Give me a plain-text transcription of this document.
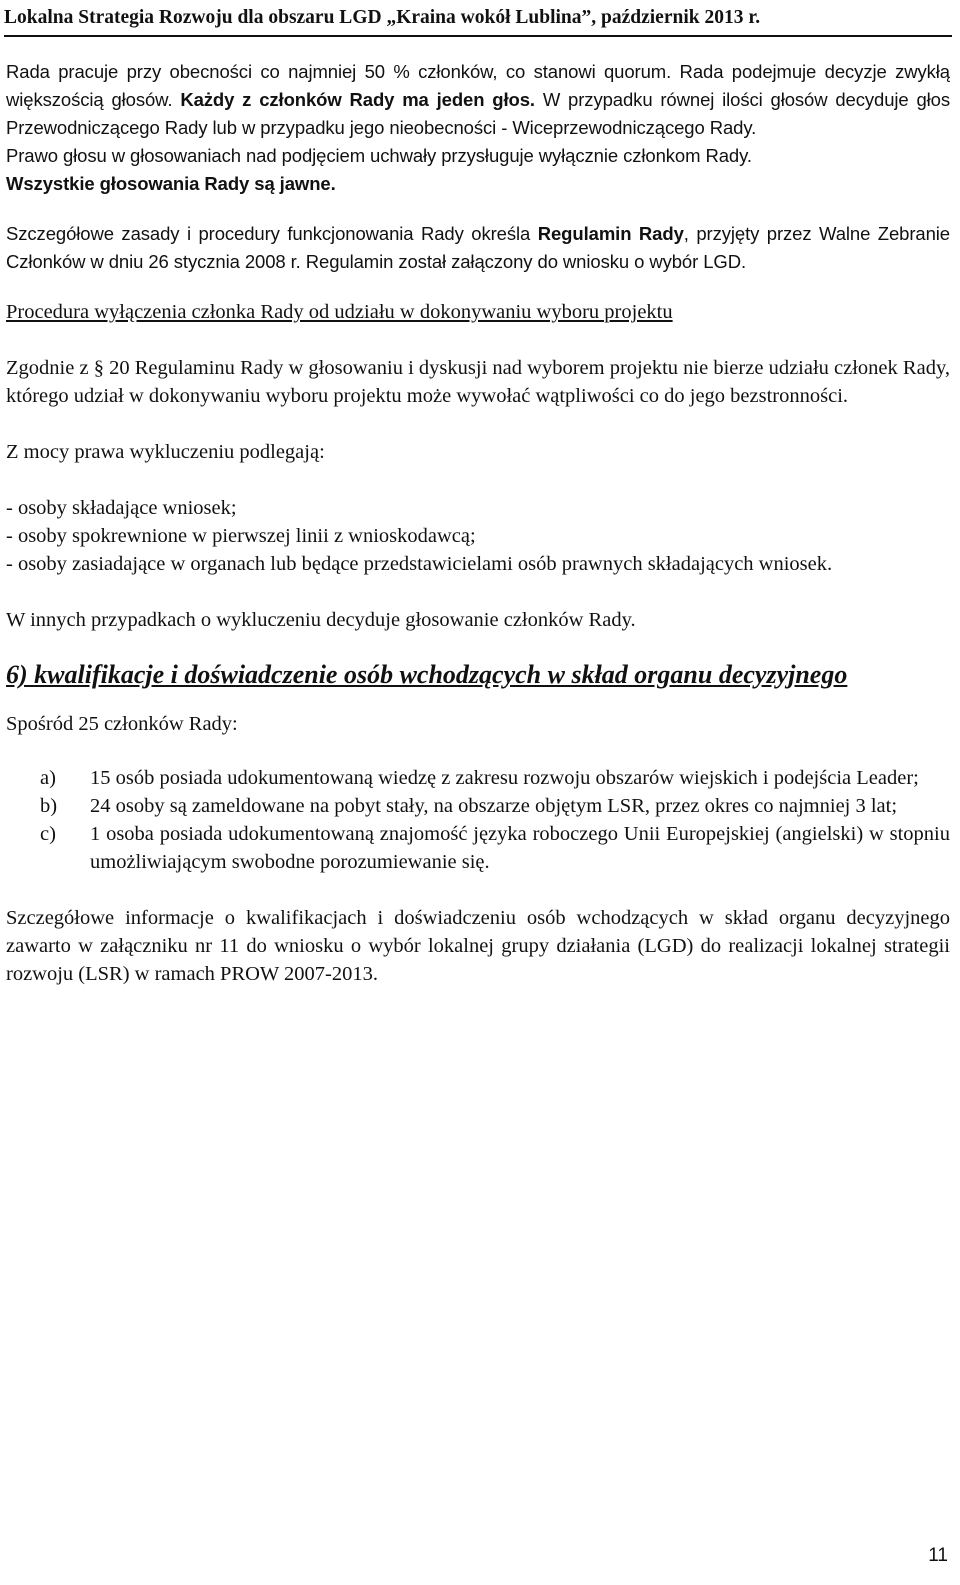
Lokalna Strategia Rozwoju dla obszaru LGD „Kraina wokół Lublina”, październik 2013 r.

Rada pracuje przy obecności co najmniej 50 % członków, co stanowi quorum. Rada podejmuje decyzje zwykłą większością głosów. Każdy z członków Rady ma jeden głos. W przypadku równej ilości głosów decyduje głos Przewodniczącego Rady lub w przypadku jego nieobecności - Wiceprzewodniczącego Rady.

Prawo głosu w głosowaniach nad podjęciem uchwały przysługuje wyłącznie członkom Rady.

Wszystkie głosowania Rady są jawne.

Szczegółowe zasady i procedury funkcjonowania Rady określa Regulamin Rady, przyjęty przez Walne Zebranie Członków w dniu 26 stycznia 2008 r. Regulamin został załączony do wniosku o wybór LGD.

Procedura wyłączenia członka Rady od udziału w dokonywaniu wyboru projektu

Zgodnie z § 20 Regulaminu Rady w głosowaniu i dyskusji nad wyborem projektu nie bierze udziału członek Rady, którego udział w dokonywaniu wyboru projektu może wywołać wątpliwości co do jego bezstronności.

Z mocy prawa wykluczeniu podlegają:

- osoby składające wniosek;

- osoby spokrewnione w pierwszej linii z wnioskodawcą;

- osoby zasiadające w organach lub będące przedstawicielami osób prawnych składających wniosek.

W innych przypadkach o wykluczeniu decyduje głosowanie członków Rady.

6) kwalifikacje i doświadczenie osób wchodzących w skład organu decyzyjnego

Spośród 25 członków Rady:

a) 15 osób posiada udokumentowaną wiedzę z zakresu rozwoju obszarów wiejskich i podejścia Leader;
b) 24 osoby są zameldowane na pobyt stały, na obszarze objętym LSR, przez okres co najmniej 3 lat;
c) 1 osoba posiada udokumentowaną znajomość języka roboczego Unii Europejskiej (angielski) w stopniu umożliwiającym swobodne porozumiewanie się.

Szczegółowe informacje o kwalifikacjach i doświadczeniu osób wchodzących w skład organu decyzyjnego zawarto w załączniku nr 11 do wniosku o wybór lokalnej grupy działania (LGD) do realizacji lokalnej strategii rozwoju (LSR) w ramach PROW 2007-2013.

11
